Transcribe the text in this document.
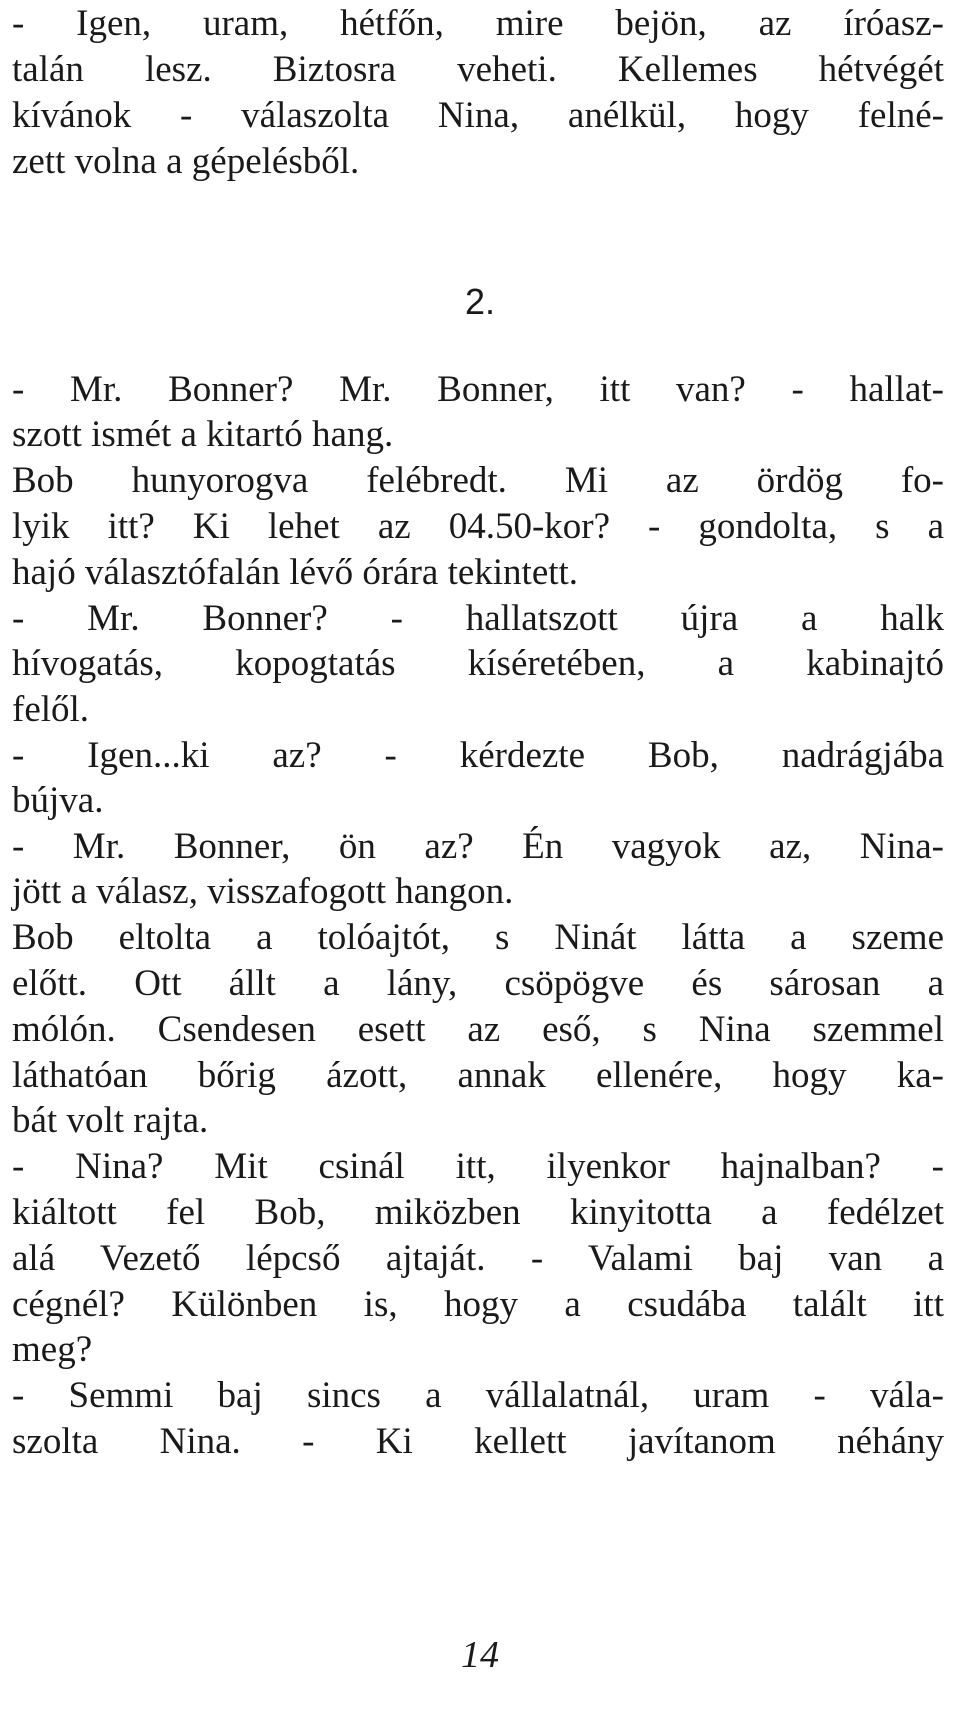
- Igen, uram, hétfőn, mire bejön, az íróasz-
talán lesz. Biztosra veheti. Kellemes hétvégét
kívánok - válaszolta Nina, anélkül, hogy felné-
zett volna a gépelésből.
2.
- Mr. Bonner? Mr. Bonner, itt van? - hallat-
szott ismét a kitartó hang.
Bob hunyorogva felébredt. Mi az ördög fo-
lyik itt? Ki lehet az 04.50-kor? - gondolta, s a
hajó választófalán lévő órára tekintett.
- Mr. Bonner? - hallatszott újra a halk
hívogatás, kopogtatás kíséretében, a kabinajtó
felől.
- Igen...ki az? - kérdezte Bob, nadrágjába
bújva.
- Mr. Bonner, ön az? Én vagyok az, Nina-
jött a válasz, visszafogott hangon.
Bob eltolta a tolóajtót, s Ninát látta a szeme
előtt. Ott állt a lány, csöpögve és sárosan a
mólón. Csendesen esett az eső, s Nina szemmel
láthatóan bőrig ázott, annak ellenére, hogy ka-
bát volt rajta.
- Nina? Mit csinál itt, ilyenkor hajnalban? -
kiáltott fel Bob, miközben kinyitotta a fedélzet
alá Vezető lépcső ajtaját. - Valami baj van a
cégnél? Különben is, hogy a csudába talált itt
meg?
- Semmi baj sincs a vállalatnál, uram - vála-
szolta Nina. - Ki kellett javítanom néhány
14
